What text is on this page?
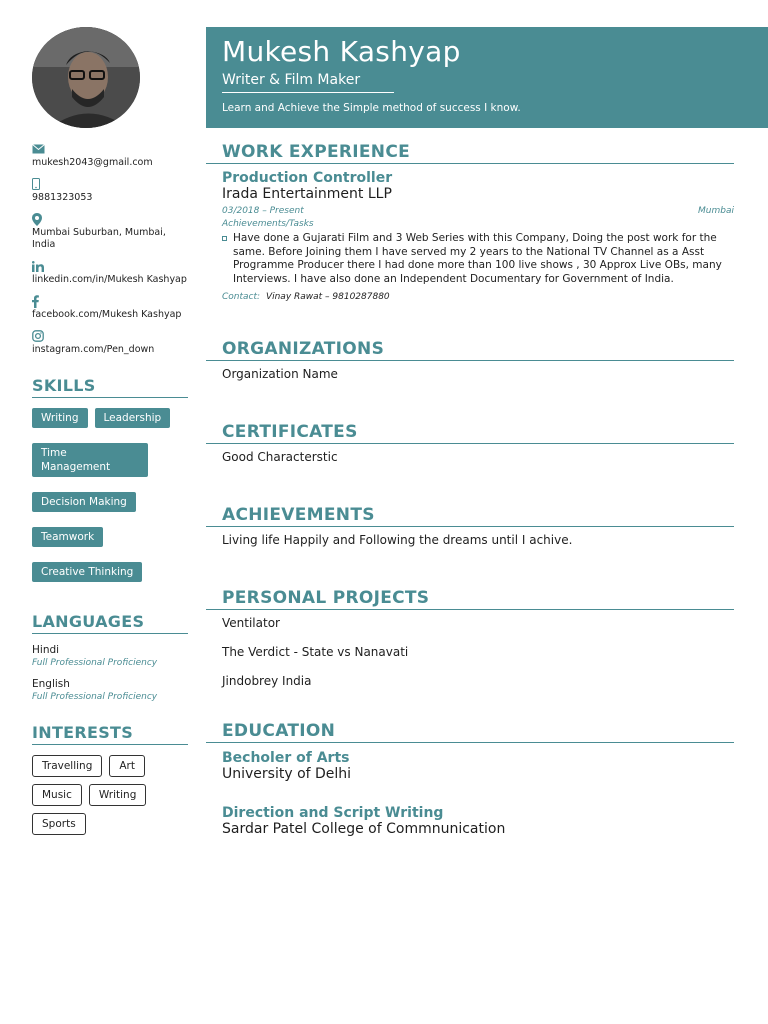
Mukesh Kashyap
Writer & Film Maker
Learn and Achieve the Simple method of success I know.
mukesh2043@gmail.com
9881323053
Mumbai Suburban, Mumbai, India
linkedin.com/in/Mukesh Kashyap
facebook.com/Mukesh Kashyap
instagram.com/Pen_down
SKILLS
Writing	Leadership
Time Management
Decision Making
Teamwork
Creative Thinking
LANGUAGES
Hindi
Full Professional Proficiency
English
Full Professional Proficiency
INTERESTS
Travelling	Art
Music	Writing
Sports
WORK EXPERIENCE
Production Controller
Irada Entertainment LLP
03/2018 – Present	Mumbai
Achievements/Tasks
Have done a Gujarati Film and 3 Web Series with this Company, Doing the post work for the same. Before Joining them I have served my 2 years to the National TV Channel as a Asst Programme Producer there I had done more than 100 live shows , 30 Approx Live OBs, many Interviews. I have also done an Independent Documentary for Government of India.
Contact: Vinay Rawat – 9810287880
ORGANIZATIONS
Organization Name
CERTIFICATES
Good Characterstic
ACHIEVEMENTS
Living life Happily and Following the dreams until I achive.
PERSONAL PROJECTS
Ventilator
The Verdict - State vs Nanavati
Jindobrey India
EDUCATION
Becholer of Arts
University of Delhi
Direction and Script Writing
Sardar Patel College of Commnunication
